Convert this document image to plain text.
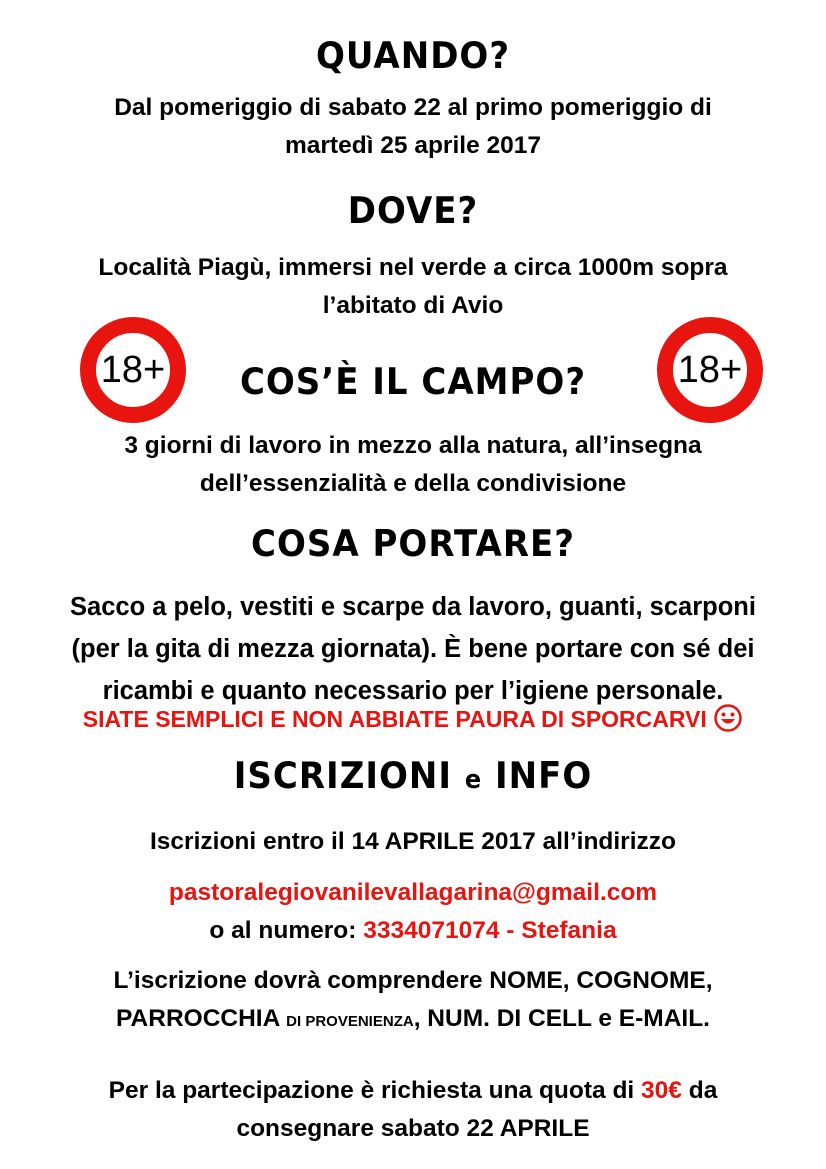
QUANDO?
Dal pomeriggio di sabato 22 al primo pomeriggio di
martedì 25 aprile 2017
DOVE?
Località Piagù, immersi nel verde a circa 1000m sopra
l’abitato di Avio
18+	18+
COS’È IL CAMPO?
3 giorni di lavoro in mezzo alla natura, all’insegna
dell’essenzialità e della condivisione
COSA PORTARE?
Sacco a pelo, vestiti e scarpe da lavoro, guanti, scarponi
(per la gita di mezza giornata). È bene portare con sé dei
ricambi e quanto necessario per l’igiene personale.
SIATE SEMPLICI E NON ABBIATE PAURA DI SPORCARVI
ISCRIZIONI e INFO
Iscrizioni entro il 14 APRILE 2017 all’indirizzo
pastoralegiovanilevallagarina@gmail.com
o al numero: 3334071074 - Stefania
L’iscrizione dovrà comprendere NOME, COGNOME,
PARROCCHIA DI PROVENIENZA, NUM. DI CELL e E-MAIL.
Per la partecipazione è richiesta una quota di 30€ da
consegnare sabato 22 APRILE
